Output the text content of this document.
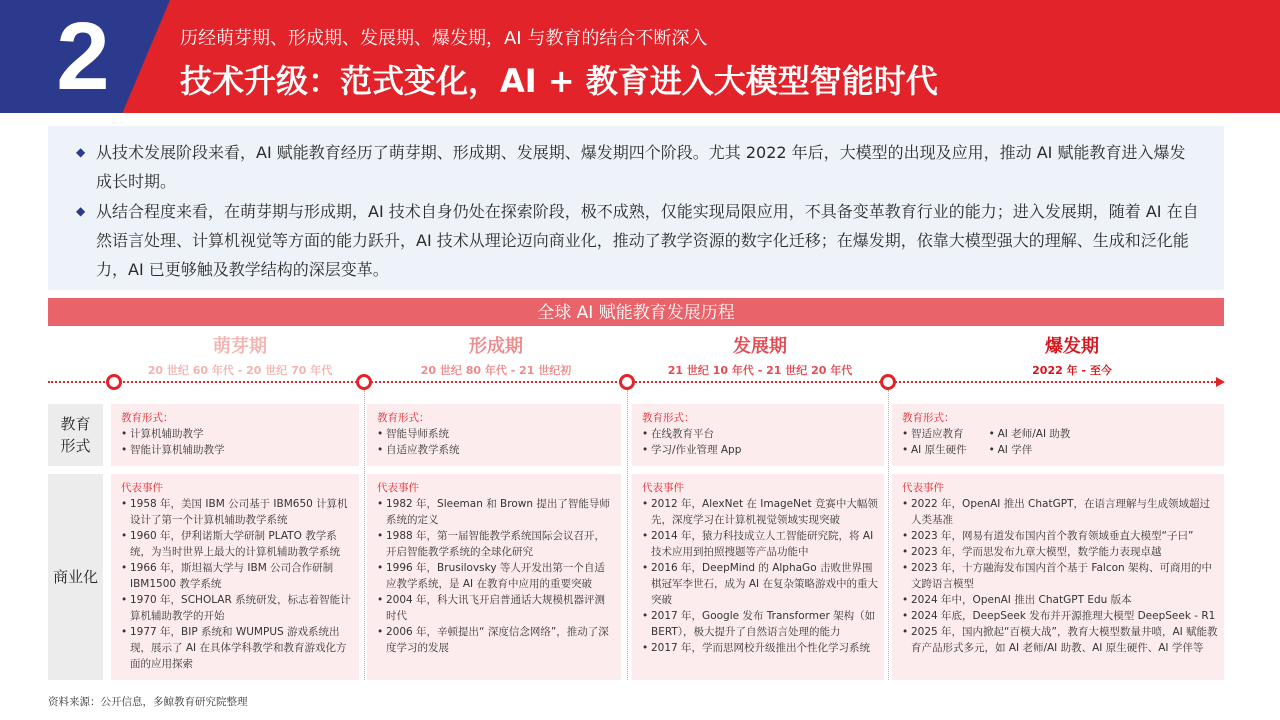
2	历经萌芽期、形成期、发展期、爆发期，AI 与教育的结合不断深入
技术升级：范式变化，AI + 教育进入大模型智能时代
◆ 从技术发展阶段来看，AI 赋能教育经历了萌芽期、形成期、发展期、爆发期四个阶段。尤其 2022 年后，大模型的出现及应用，推动 AI 赋能教育进入爆发成长时期。
◆ 从结合程度来看，在萌芽期与形成期，AI 技术自身仍处在探索阶段，极不成熟，仅能实现局限应用，不具备变革教育行业的能力；进入发展期，随着 AI 在自然语言处理、计算机视觉等方面的能力跃升，AI 技术从理论迈向商业化，推动了教学资源的数字化迁移；在爆发期，依靠大模型强大的理解、生成和泛化能力，AI 已更够触及教学结构的深层变革。
全球 AI 赋能教育发展历程
萌芽期
20 世纪 60 年代 - 20 世纪 70 年代
形成期
20 世纪 80 年代 - 21 世纪初
发展期
21 世纪 10 年代 - 21 世纪 20 年代
爆发期
2022 年 - 至今
教育
形式
商业化
教育形式：
• 计算机辅助教学
• 智能计算机辅助教学
教育形式：
• 智能导师系统
• 自适应教学系统
教育形式：
• 在线教育平台
• 学习/作业管理 App
教育形式：
• 智适应教育
• AI 原生硬件
• AI 老师/AI 助教
• AI 学伴
代表事件
• 1958 年，美国 IBM 公司基于 IBM650 计算机设计了第一个计算机辅助教学系统
• 1960 年，伊利诺斯大学研制 PLATO 教学系统，为当时世界上最大的计算机辅助教学系统
• 1966 年，斯坦福大学与 IBM 公司合作研制 IBM1500 教学系统
• 1970 年，SCHOLAR 系统研发，标志着智能计算机辅助教学的开始
• 1977 年，BIP 系统和 WUMPUS 游戏系统出现，展示了 AI 在具体学科教学和教育游戏化方面的应用探索
代表事件
• 1982 年，Sleeman 和 Brown 提出了智能导师系统的定义
• 1988 年，第一届智能教学系统国际会议召开，开启智能教学系统的全球化研究
• 1996 年，Brusilovsky 等人开发出第一个自适应教学系统，是 AI 在教育中应用的重要突破
• 2004 年，科大讯飞开启普通话大规模机器评测时代
• 2006 年，辛顿提出“ 深度信念网络”，推动了深度学习的发展
代表事件
• 2012 年，AlexNet 在 ImageNet 竞赛中大幅领先，深度学习在计算机视觉领域实现突破
• 2014 年，猿力科技成立人工智能研究院，将 AI 技术应用到拍照搜题等产品功能中
• 2016 年，DeepMind 的 AlphaGo 击败世界围棋冠军李世石，成为 AI 在复杂策略游戏中的重大突破
• 2017 年，Google 发布 Transformer 架构（如 BERT），极大提升了自然语言处理的能力
• 2017 年，学而思网校升级推出个性化学习系统
代表事件
• 2022 年，OpenAI 推出 ChatGPT，在语言理解与生成领域超过人类基准
• 2023 年，网易有道发布国内首个教育领域垂直大模型“子曰”
• 2023 年，学而思发布九章大模型，数学能力表现卓越
• 2023 年，十方融海发布国内首个基于 Falcon 架构、可商用的中文跨语言模型
• 2024 年中，OpenAI 推出 ChatGPT Edu 版本
• 2024 年底，DeepSeek 发布并开源推理大模型 DeepSeek - R1
• 2025 年，国内掀起“百模大战”，教育大模型数量井喷，AI 赋能教育产品形式多元，如 AI 老师/AI 助教、AI 原生硬件、AI 学伴等
资料来源：公开信息，多鲸教育研究院整理
